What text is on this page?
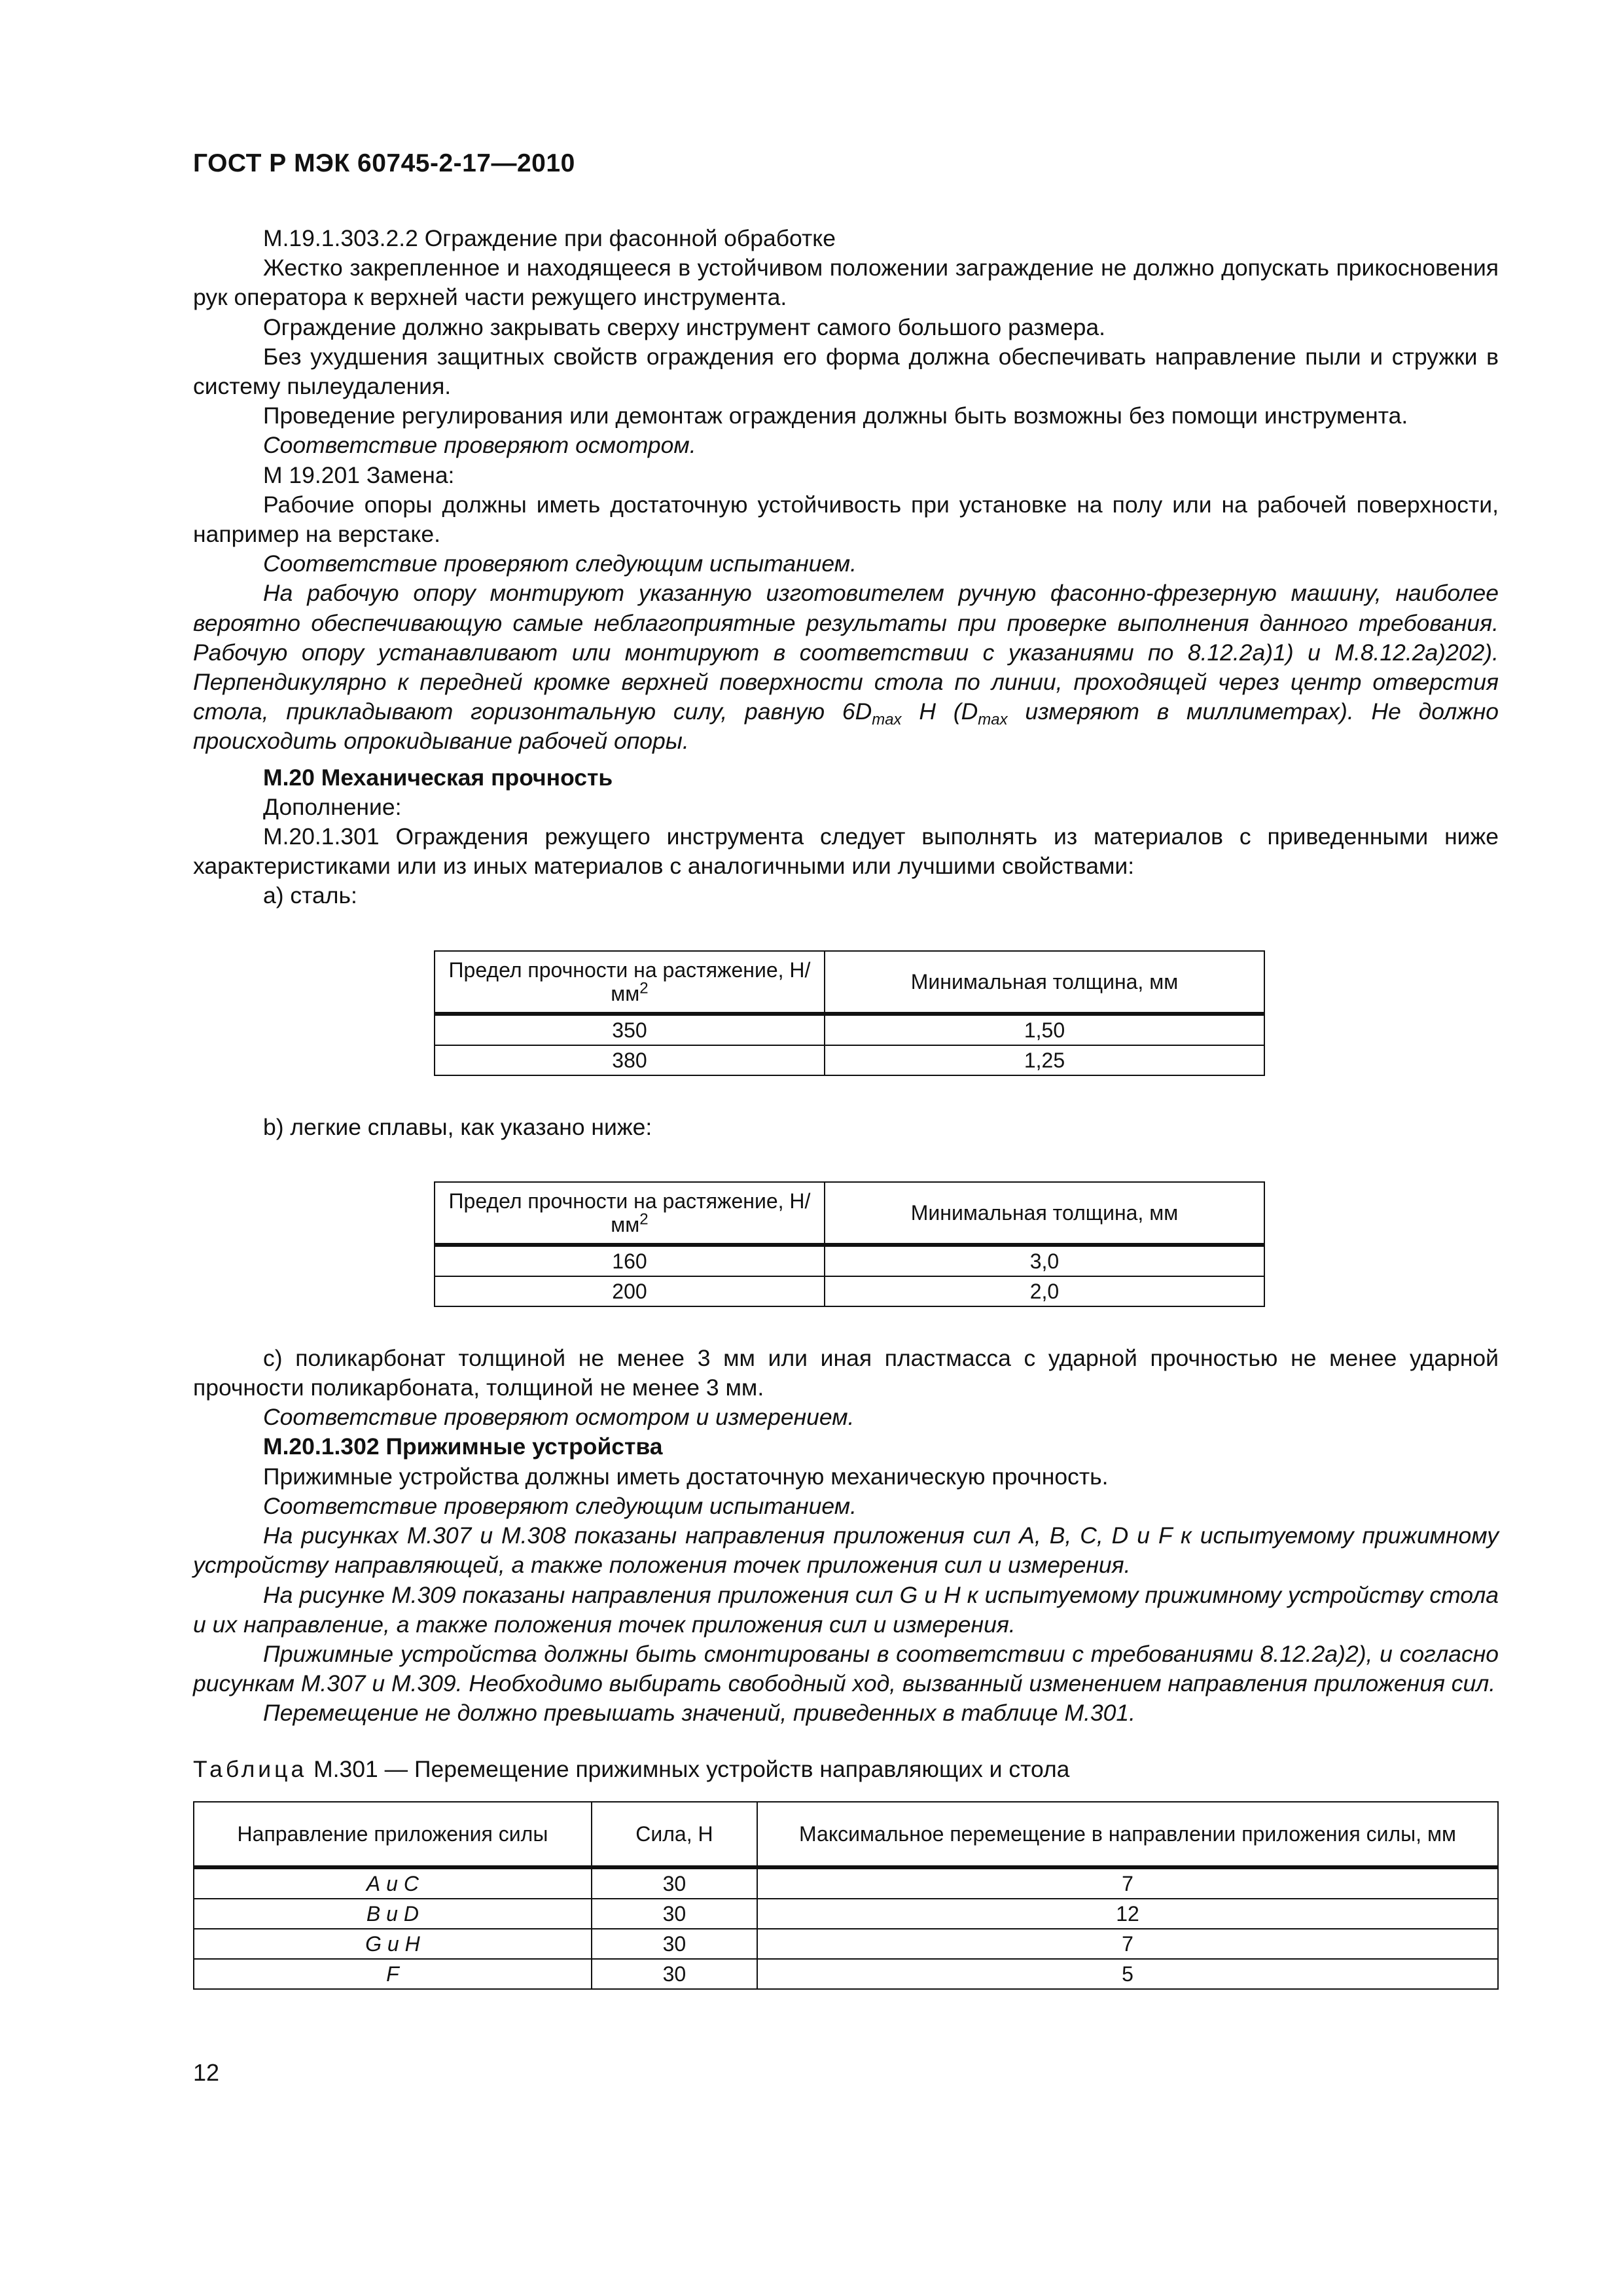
ГОСТ Р МЭК 60745-2-17—2010

М.19.1.303.2.2 Ограждение при фасонной обработке

Жестко закрепленное и находящееся в устойчивом положении заграждение не должно допускать прикосновения рук оператора к верхней части режущего инструмента.

Ограждение должно закрывать сверху инструмент самого большого размера.

Без ухудшения защитных свойств ограждения его форма должна обеспечивать направление пыли и стружки в систему пылеудаления.

Проведение регулирования или демонтаж ограждения должны быть возможны без помощи инструмента.

Соответствие проверяют осмотром.

М 19.201 Замена:

Рабочие опоры должны иметь достаточную устойчивость при установке на полу или на рабочей поверхности, например на верстаке.

Соответствие проверяют следующим испытанием.

На рабочую опору монтируют указанную изготовителем ручную фасонно-фрезерную машину, наиболее вероятно обеспечивающую самые неблагоприятные результаты при проверке выполнения данного требования. Рабочую опору устанавливают или монтируют в соответствии с указаниями по 8.12.2а)1) и М.8.12.2а)202). Перпендикулярно к передней кромке верхней поверхности стола по линии, проходящей через центр отверстия стола, прикладывают горизонтальную силу, равную $6D_{max}$ Н ($D_{max}$ измеряют в миллиметрах). Не должно происходить опрокидывание рабочей опоры.

М.20 Механическая прочность

Дополнение:

М.20.1.301 Ограждения режущего инструмента следует выполнять из материалов с приведенными ниже характеристиками или из иных материалов с аналогичными или лучшими свойствами:

a) сталь:

Предел прочности на растяжение, $Н/мм^2$	Минимальная толщина, мм
350	1,50
380	1,25

b) легкие сплавы, как указано ниже:

Предел прочности на растяжение, $Н/мм^2$	Минимальная толщина, мм
160	3,0
200	2,0

c) поликарбонат толщиной не менее 3 мм или иная пластмасса с ударной прочностью не менее ударной прочности поликарбоната, толщиной не менее 3 мм.

Соответствие проверяют осмотром и измерением.

М.20.1.302 Прижимные устройства

Прижимные устройства должны иметь достаточную механическую прочность.

Соответствие проверяют следующим испытанием.

На рисунках М.307 и М.308 показаны направления приложения сил А, В, С, D и F к испытуемому прижимному устройству направляющей, а также положения точек приложения сил и измерения.

На рисунке М.309 показаны направления приложения сил G и Н к испытуемому прижимному устройству стола и их направление, а также положения точек приложения сил и измерения.

Прижимные устройства должны быть смонтированы в соответствии с требованиями 8.12.2а)2), и согласно рисункам М.307 и М.309. Необходимо выбирать свободный ход, вызванный изменением направления приложения сил.

Перемещение не должно превышать значений, приведенных в таблице М.301.

Таблица М.301 — Перемещение прижимных устройств направляющих и стола

Направление приложения силы	Сила, Н	Максимальное перемещение в направлении приложения силы, мм
А и С	30	7
В и D	30	12
G и Н	30	7
F	30	5
12
